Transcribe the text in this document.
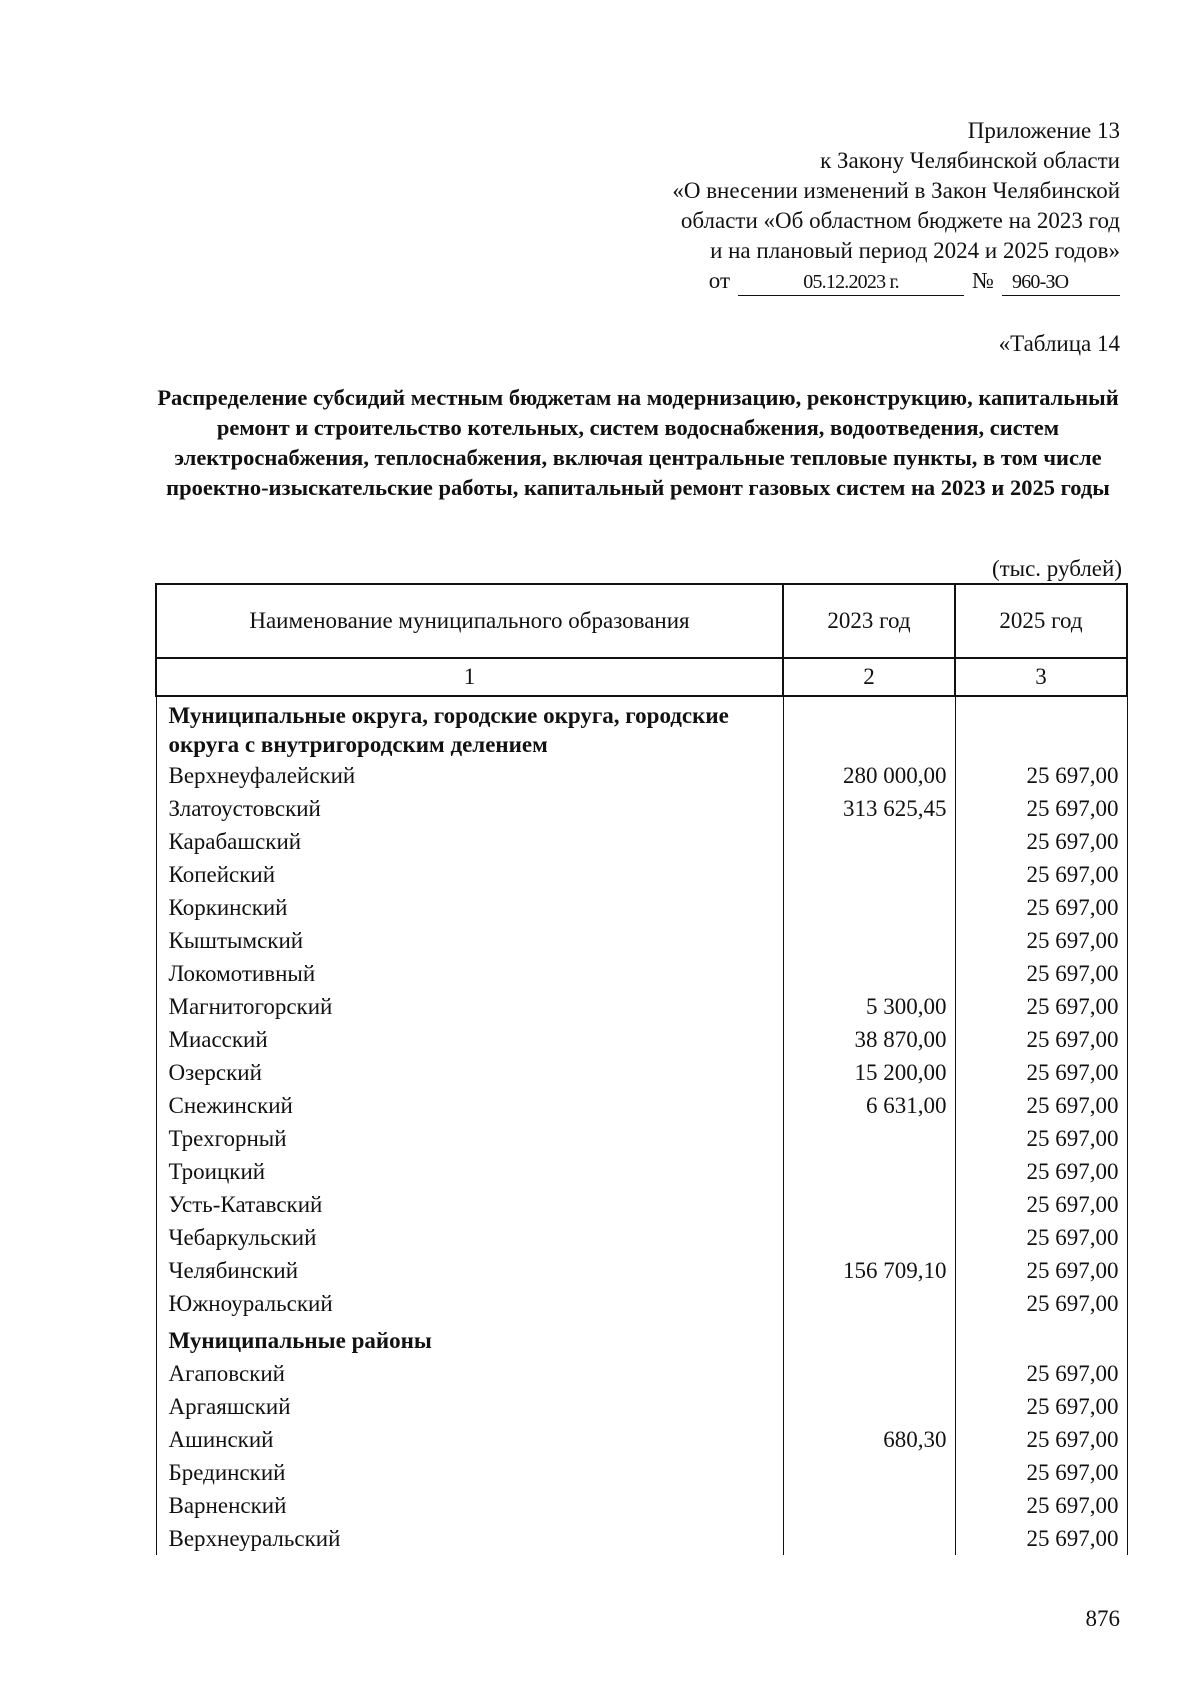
Приложение 13
к Закону Челябинской области
«О внесении изменений в Закон Челябинской
области «Об областном бюджете на 2023 год
и на плановый период 2024 и 2025 годов»
от	05.12.2023 г.	№ 960-ЗО
«Таблица 14
Распределение субсидий местным бюджетам на модернизацию, реконструкцию, капитальный ремонт и строительство котельных, систем водоснабжения, водоотведения, систем электроснабжения, теплоснабжения, включая центральные тепловые пункты, в том числе проектно-изыскательские работы, капитальный ремонт газовых систем на 2023 и 2025 годы
(тыс. рублей)
Наименование муниципального образования	2023 год	2025 год
1	2	3
Муниципальные округа, городские округа, городские округа с внутригородским делением		
Верхнеуфалейский	280 000,00	25 697,00
Златоустовский	313 625,45	25 697,00
Карабашский		25 697,00
Копейский		25 697,00
Коркинский		25 697,00
Кыштымский		25 697,00
Локомотивный		25 697,00
Магнитогорский	5 300,00	25 697,00
Миасский	38 870,00	25 697,00
Озерский	15 200,00	25 697,00
Снежинский	6 631,00	25 697,00
Трехгорный		25 697,00
Троицкий		25 697,00
Усть-Катавский		25 697,00
Чебаркульский		25 697,00
Челябинский	156 709,10	25 697,00
Южноуральский		25 697,00
Муниципальные районы		
Агаповский		25 697,00
Аргаяшский		25 697,00
Ашинский	680,30	25 697,00
Брединский		25 697,00
Варненский		25 697,00
Верхнеуральский		25 697,00
876
